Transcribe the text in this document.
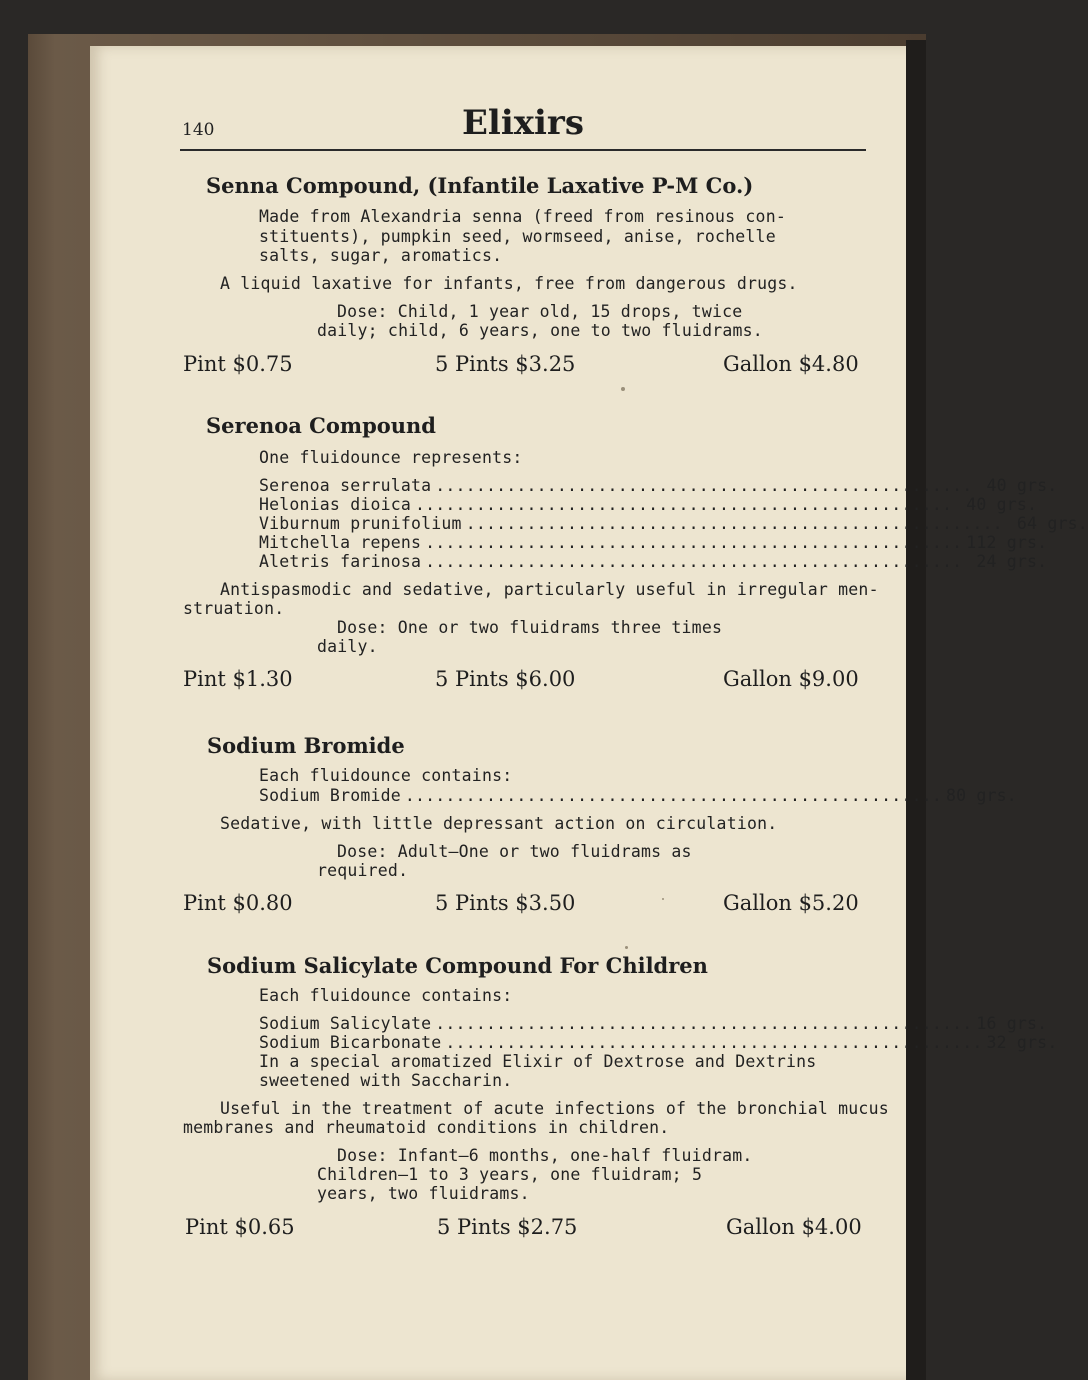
140	Elixirs
Senna Compound, (Infantile Laxative P-M Co.)
Made from Alexandria senna (freed from resinous con-
stituents), pumpkin seed, wormseed, anise, rochelle
salts, sugar, aromatics.
A liquid laxative for infants, free from dangerous drugs.
Dose: Child, 1 year old, 15 drops, twice
daily; child, 6 years, one to two fluidrams.
Pint $0.75	5 Pints $3.25	Gallon $4.80
Serenoa Compound
One fluidounce represents:
Serenoa serrulata ..................................................... 40 grs.
Helonias dioica ..................................................... 40 grs.
Viburnum prunifolium ..................................................... 64 grs.
Mitchella repens ..................................................... 112 grs.
Aletris farinosa ..................................................... 24 grs.
Antispasmodic and sedative, particularly useful in irregular men-
struation.
Dose: One or two fluidrams three times
daily.
Pint $1.30	5 Pints $6.00	Gallon $9.00
Sodium Bromide
Each fluidounce contains:
Sodium Bromide ..................................................... 80 grs.
Sedative, with little depressant action on circulation.
Dose: Adult—One or two fluidrams as
required.
Pint $0.80	5 Pints $3.50	Gallon $5.20
Sodium Salicylate Compound For Children
Each fluidounce contains:
Sodium Salicylate ..................................................... 16 grs.
Sodium Bicarbonate ..................................................... 32 grs.
In a special aromatized Elixir of Dextrose and Dextrins
sweetened with Saccharin.
Useful in the treatment of acute infections of the bronchial mucus
membranes and rheumatoid conditions in children.
Dose: Infant—6 months, one-half fluidram.
Children—1 to 3 years, one fluidram; 5
years, two fluidrams.
Pint $0.65	5 Pints $2.75	Gallon $4.00
